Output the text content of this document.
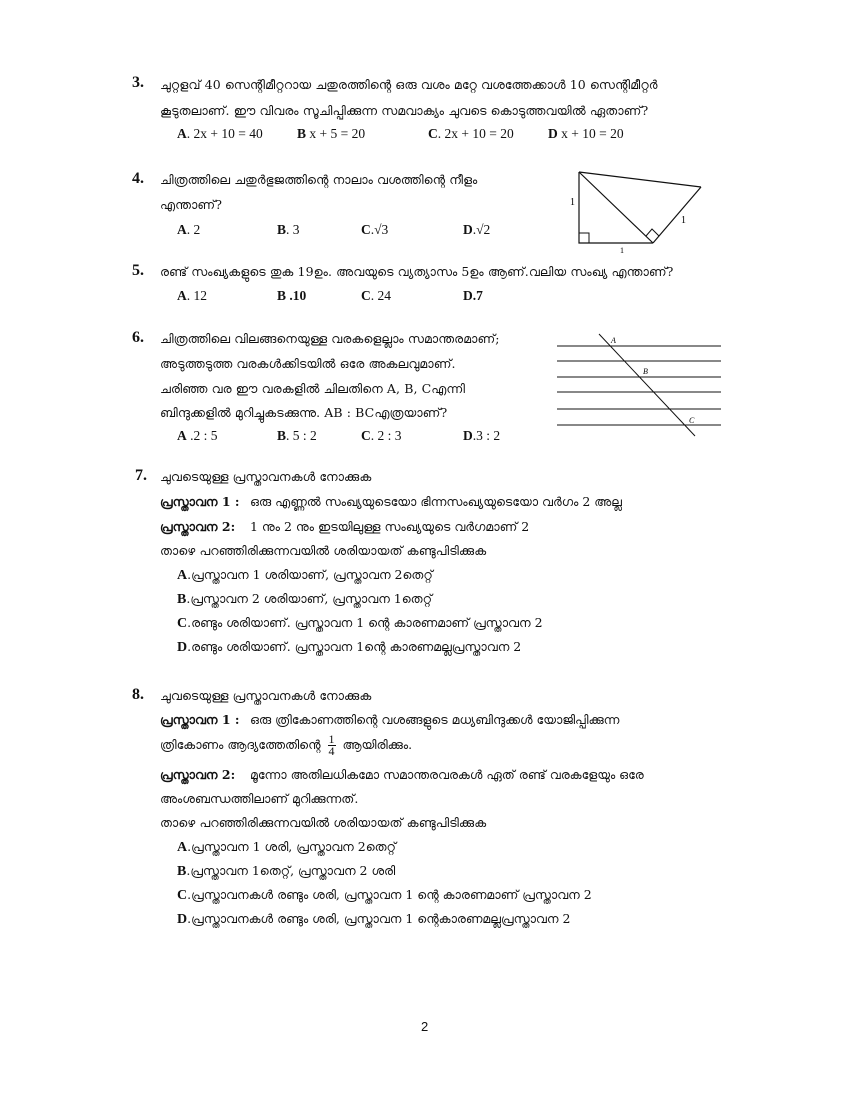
3. ചുറ്റളവ് 40 സെന്റിമീറ്ററായ ചതുരത്തിന്റെ ഒരു വശം മറ്റേ വശത്തേക്കാൾ 10 സെന്റിമീറ്റർ
കൂടുതലാണ്. ഈ വിവരം സൂചിപ്പിക്കുന്ന സമവാക്യം ചുവടെ കൊടുത്തവയിൽ ഏതാണ്?
A. 2x + 10 = 40	B x + 5 = 20	C. 2x + 10 = 20	D x + 10 = 20
4. ചിത്രത്തിലെ ചതുർഭുജത്തിന്റെ നാലാം വശത്തിന്റെ നീളം
എന്താണ്?
A. 2	B. 3	C.√3	D.√2
1
1
1
5. രണ്ട് സംഖ്യകളുടെ തുക 19ഉം. അവയുടെ വ്യത്യാസം 5ഉം ആണ്.വലിയ സംഖ്യ എന്താണ്?
A. 12	B .10	C. 24	D.7
6. ചിത്രത്തിലെ വിലങ്ങനെയുള്ള വരകളെല്ലാം സമാന്തരമാണ്;
അടുത്തടുത്ത വരകൾക്കിടയിൽ ഒരേ അകലവുമാണ്.
ചരിഞ്ഞ വര ഈ വരകളിൽ ചിലതിനെ A, B, Cഎന്നി
ബിന്ദുക്കളിൽ മുറിച്ചുകടക്കുന്നു. AB : BCഎത്രയാണ്?
A .2 : 5	B. 5 : 2	C. 2 : 3	D.3 : 2
A
B
C
7. ചുവടെയുള്ള പ്രസ്താവനകൾ നോക്കുക
പ്രസ്താവന 1 : ഒരു എണ്ണൽ സംഖ്യയുടെയോ ഭിന്നസംഖ്യയുടെയോ വർഗം 2 അല്ല
പ്രസ്താവന 2: 1 നും 2 നും ഇടയിലുള്ള സംഖ്യയുടെ വർഗമാണ് 2
താഴെ പറഞ്ഞിരിക്കുന്നവയിൽ ശരിയായത് കണ്ടുപിടിക്കുക
A.പ്രസ്താവന 1 ശരിയാണ്, പ്രസ്താവന 2തെറ്റ്
B.പ്രസ്താവന 2 ശരിയാണ്, പ്രസ്താവന 1തെറ്റ്
C.രണ്ടും ശരിയാണ്. പ്രസ്താവന 1 ന്റെ കാരണമാണ് പ്രസ്താവന 2
D.രണ്ടും ശരിയാണ്. പ്രസ്താവന 1ന്റെ കാരണമല്ലപ്രസ്താവന 2
8. ചുവടെയുള്ള പ്രസ്താവനകൾ നോക്കുക
പ്രസ്താവന 1 : ഒരു ത്രികോണത്തിന്റെ വശങ്ങളുടെ മധ്യബിന്ദുക്കൾ യോജിപ്പിക്കുന്ന
ത്രികോണം ആദ്യത്തേതിന്റെ $\frac{1}{4}$ ആയിരിക്കും.
പ്രസ്താവന 2: മൂന്നോ അതിലധികമോ സമാന്തരവരകൾ ഏത് രണ്ട് വരകളേയും ഒരേ
അംശബന്ധത്തിലാണ് മുറിക്കുന്നത്.
താഴെ പറഞ്ഞിരിക്കുന്നവയിൽ ശരിയായത് കണ്ടുപിടിക്കുക
A.പ്രസ്താവന 1 ശരി, പ്രസ്താവന 2തെറ്റ്
B.പ്രസ്താവന 1തെറ്റ്, പ്രസ്താവന 2 ശരി
C.പ്രസ്താവനകൾ രണ്ടും ശരി, പ്രസ്താവന 1 ന്റെ കാരണമാണ് പ്രസ്താവന 2
D.പ്രസ്താവനകൾ രണ്ടും ശരി, പ്രസ്താവന 1 ന്റെകാരണമല്ലപ്രസ്താവന 2
2
